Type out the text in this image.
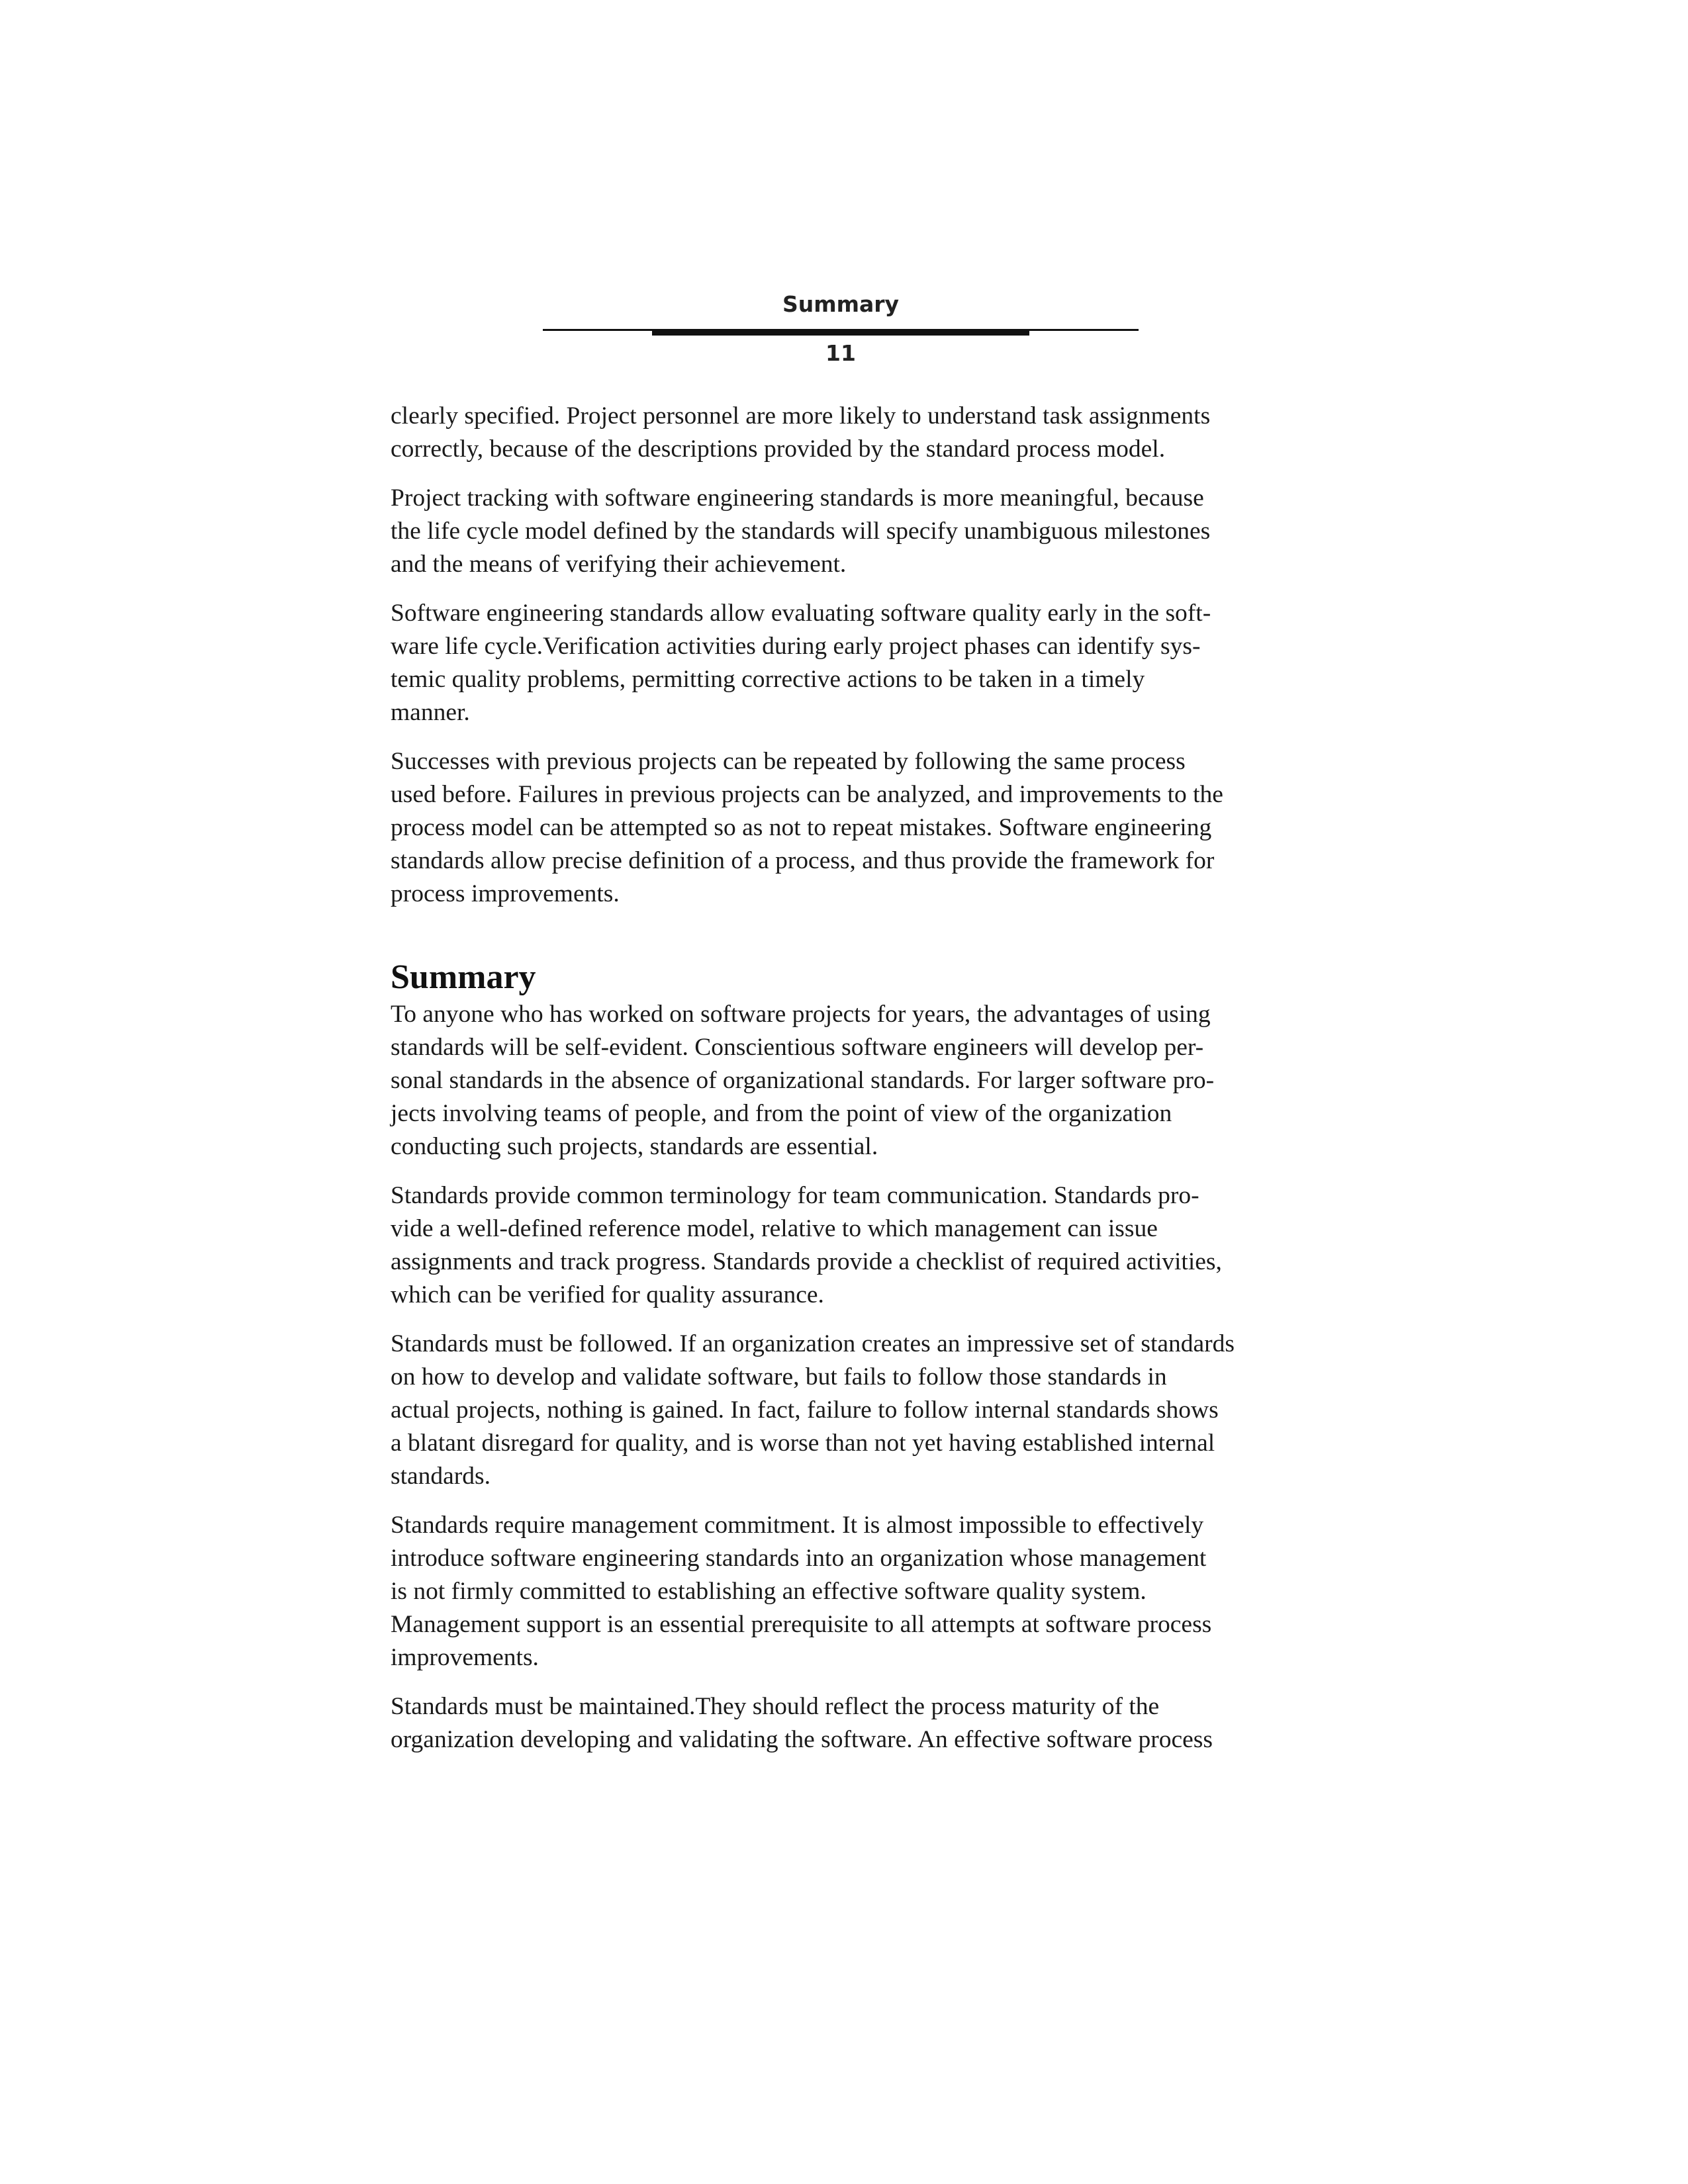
Summary
11

clearly specified. Project personnel are more likely to understand task assignments
correctly, because of the descriptions provided by the standard process model.

Project tracking with software engineering standards is more meaningful, because
the life cycle model defined by the standards will specify unambiguous milestones
and the means of verifying their achievement.

Software engineering standards allow evaluating software quality early in the soft-
ware life cycle.Verification activities during early project phases can identify sys-
temic quality problems, permitting corrective actions to be taken in a timely
manner.

Successes with previous projects can be repeated by following the same process
used before. Failures in previous projects can be analyzed, and improvements to the
process model can be attempted so as not to repeat mistakes. Software engineering
standards allow precise definition of a process, and thus provide the framework for
process improvements.

Summary

To anyone who has worked on software projects for years, the advantages of using
standards will be self-evident. Conscientious software engineers will develop per-
sonal standards in the absence of organizational standards. For larger software pro-
jects involving teams of people, and from the point of view of the organization
conducting such projects, standards are essential.

Standards provide common terminology for team communication. Standards pro-
vide a well-defined reference model, relative to which management can issue
assignments and track progress. Standards provide a checklist of required activities,
which can be verified for quality assurance.

Standards must be followed. If an organization creates an impressive set of standards
on how to develop and validate software, but fails to follow those standards in
actual projects, nothing is gained. In fact, failure to follow internal standards shows
a blatant disregard for quality, and is worse than not yet having established internal
standards.

Standards require management commitment. It is almost impossible to effectively
introduce software engineering standards into an organization whose management
is not firmly committed to establishing an effective software quality system.
Management support is an essential prerequisite to all attempts at software process
improvements.

Standards must be maintained.They should reflect the process maturity of the
organization developing and validating the software. An effective software process
